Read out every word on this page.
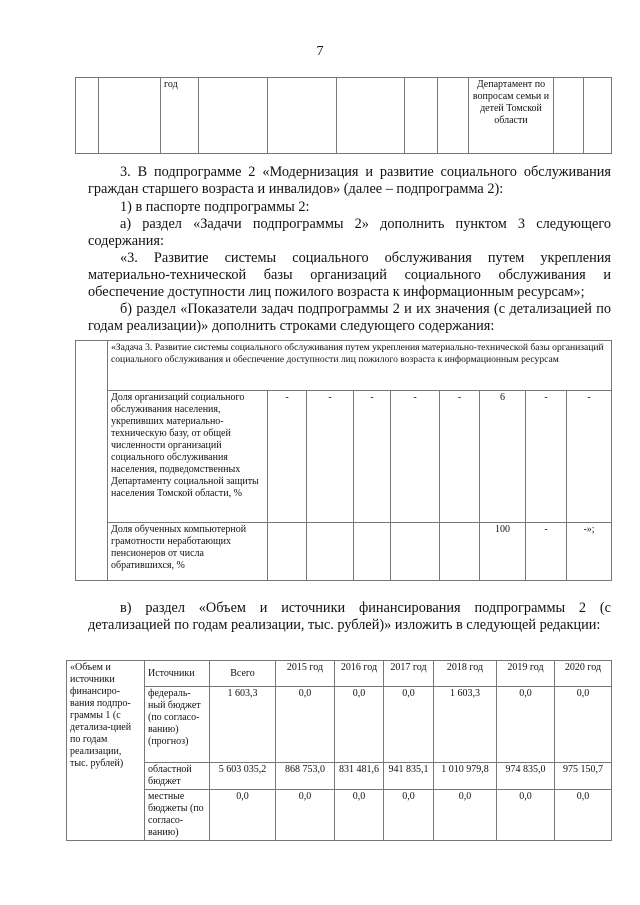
7
		год						Департамент по вопросам семьи и детей Томской области		
3. В подпрограмме 2 «Модернизация и развитие социального обслуживания граждан старшего возраста и инвалидов» (далее – подпрограмма 2):
1) в паспорте подпрограммы 2:
а) раздел «Задачи подпрограммы 2» дополнить пунктом 3 следующего содержания:
«3. Развитие системы социального обслуживания путем укрепления материально-технической базы организаций социального обслуживания и обеспечение доступности лиц пожилого возраста к информационным ресурсам»;
б) раздел «Показатели задач подпрограммы 2 и их значения (с детализацией по годам реализации)» дополнить строками следующего содержания:
	«Задача 3. Развитие системы социального обслуживания путем укрепления материально-технической базы организаций социального обслуживания и обеспечение доступности лиц пожилого возраста к информационным ресурсам								
	Доля организаций социального обслуживания населения, укрепивших материально-техническую базу, от общей численности организаций социального обслуживания населения, подведомственных Департаменту социальной защиты населения Томской области, %	-	-	-	-	-	6	-	-
	Доля обученных компьютерной грамотности неработающих пенсионеров от числа обратившихся, %						100	-	-»;
в) раздел «Объем и источники финансирования подпрограммы 2 (с детализацией по годам реализации, тыс. рублей)» изложить в следующей редакции:
«Объем и источники финансиро-вания подпро-граммы 1 (с детализа-цией по годам реализации, тыс. рублей)	Источники	Всего	2015 год	2016 год	2017 год	2018 год	2019 год	2020 год
	федераль-ный бюджет (по согласо-ванию) (прогноз)	1 603,3	0,0	0,0	0,0	1 603,3	0,0	0,0
	областной бюджет	5 603 035,2	868 753,0	831 481,6	941 835,1	1 010 979,8	974 835,0	975 150,7
	местные бюджеты (по согласо-ванию)	0,0	0,0	0,0	0,0	0,0	0,0	0,0
